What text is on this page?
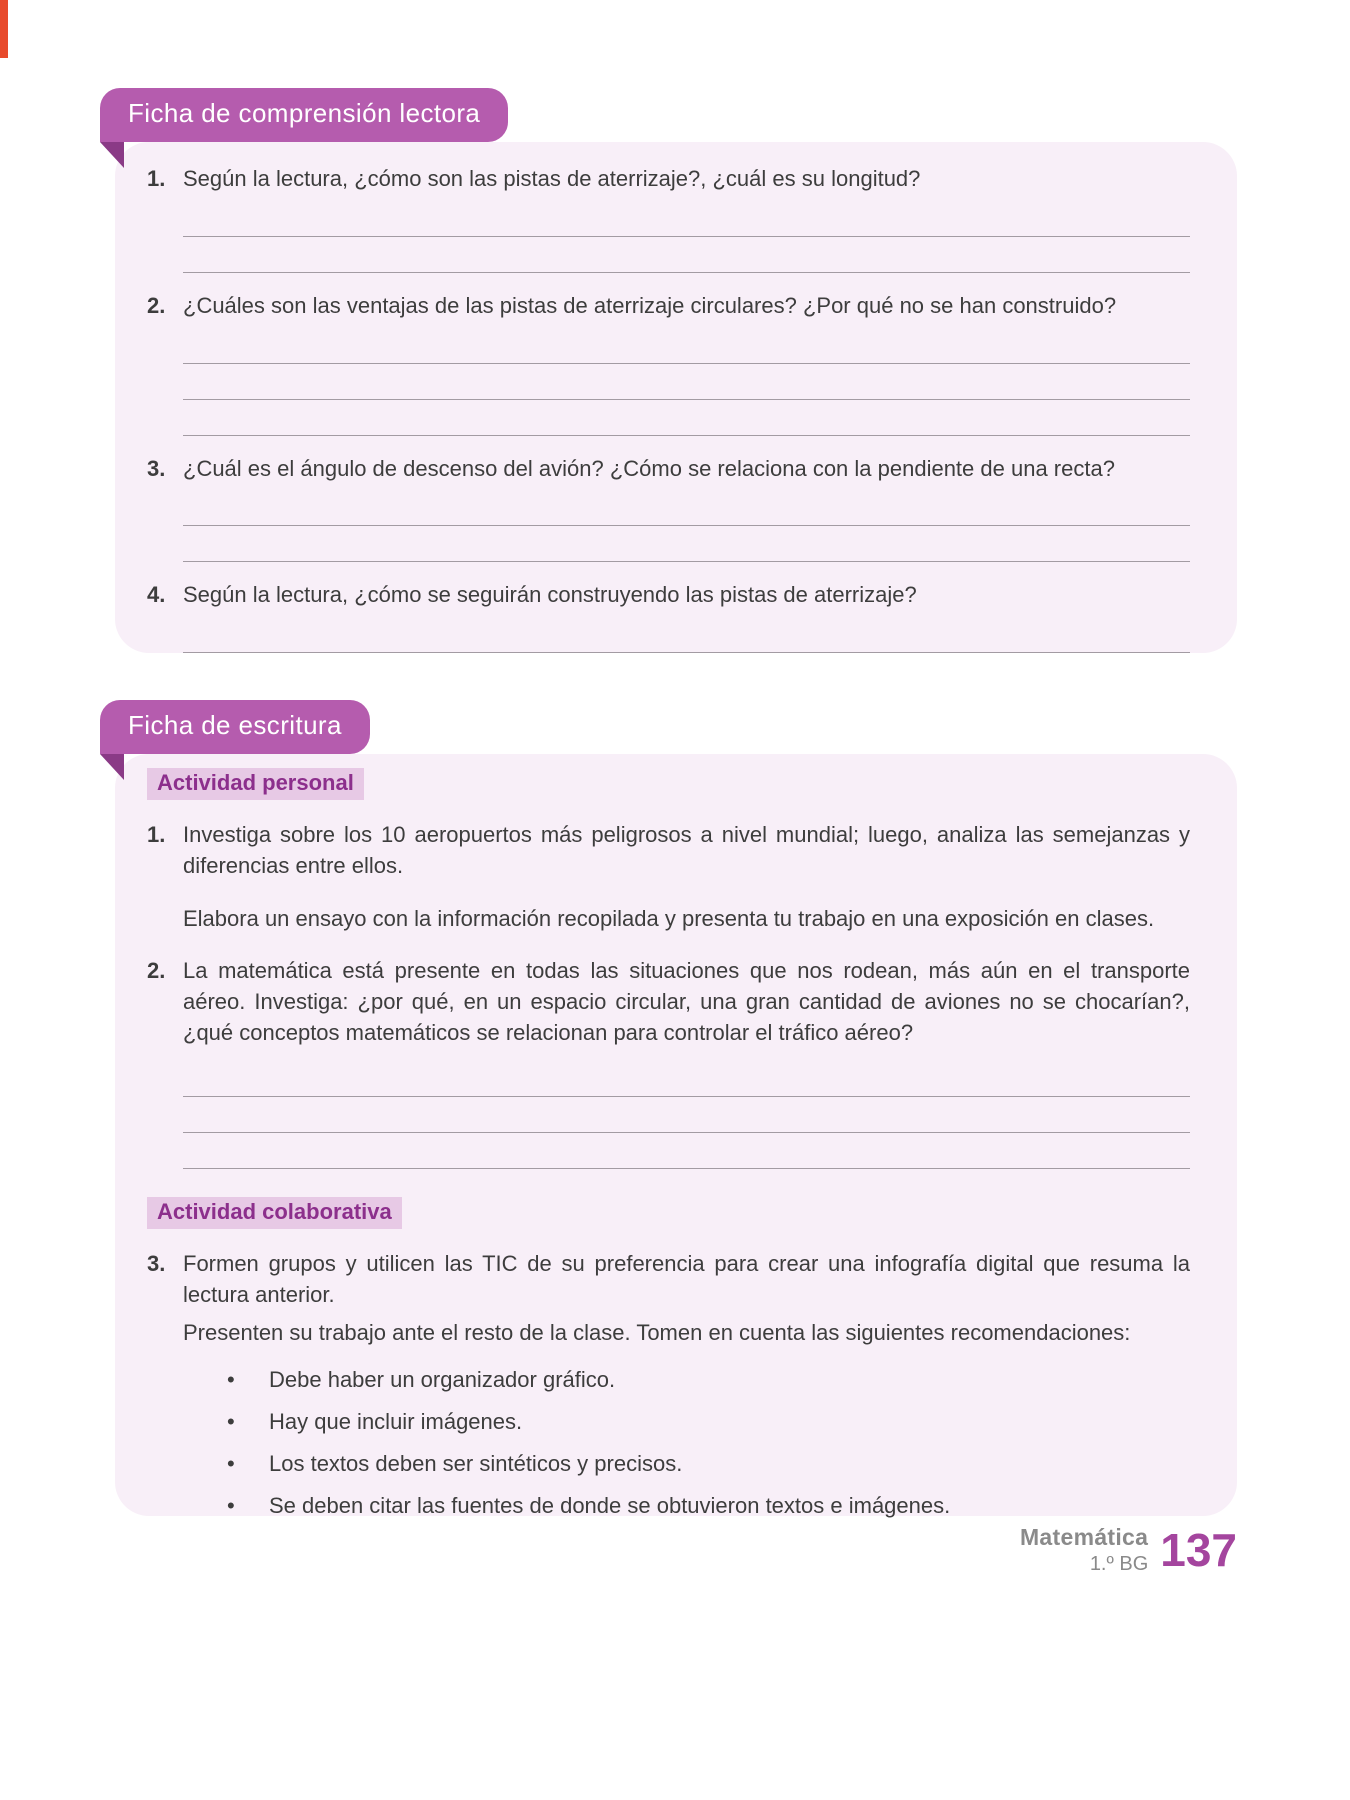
Ficha de comprensión lectora
1. Según la lectura, ¿cómo son las pistas de aterrizaje?, ¿cuál es su longitud?
2. ¿Cuáles son las ventajas de las pistas de aterrizaje circulares? ¿Por qué no se han construido?
3. ¿Cuál es el ángulo de descenso del avión? ¿Cómo se relaciona con la pendiente de una recta?
4. Según la lectura, ¿cómo se seguirán construyendo las pistas de aterrizaje?
Ficha de escritura
Actividad personal
1. Investiga sobre los 10 aeropuertos más peligrosos a nivel mundial; luego, analiza las semejanzas y diferencias entre ellos.
Elabora un ensayo con la información recopilada y presenta tu trabajo en una exposición en clases.
2. La matemática está presente en todas las situaciones que nos rodean, más aún en el transporte aéreo. Investiga: ¿por qué, en un espacio circular, una gran cantidad de aviones no se chocarían?, ¿qué conceptos matemáticos se relacionan para controlar el tráfico aéreo?
Actividad colaborativa
3. Formen grupos y utilicen las TIC de su preferencia para crear una infografía digital que resuma la lectura anterior.
Presenten su trabajo ante el resto de la clase. Tomen en cuenta las siguientes recomendaciones:
•	Debe haber un organizador gráfico.
•	Hay que incluir imágenes.
•	Los textos deben ser sintéticos y precisos.
•	Se deben citar las fuentes de donde se obtuvieron textos e imágenes.
Matemática
1.º BG 137
